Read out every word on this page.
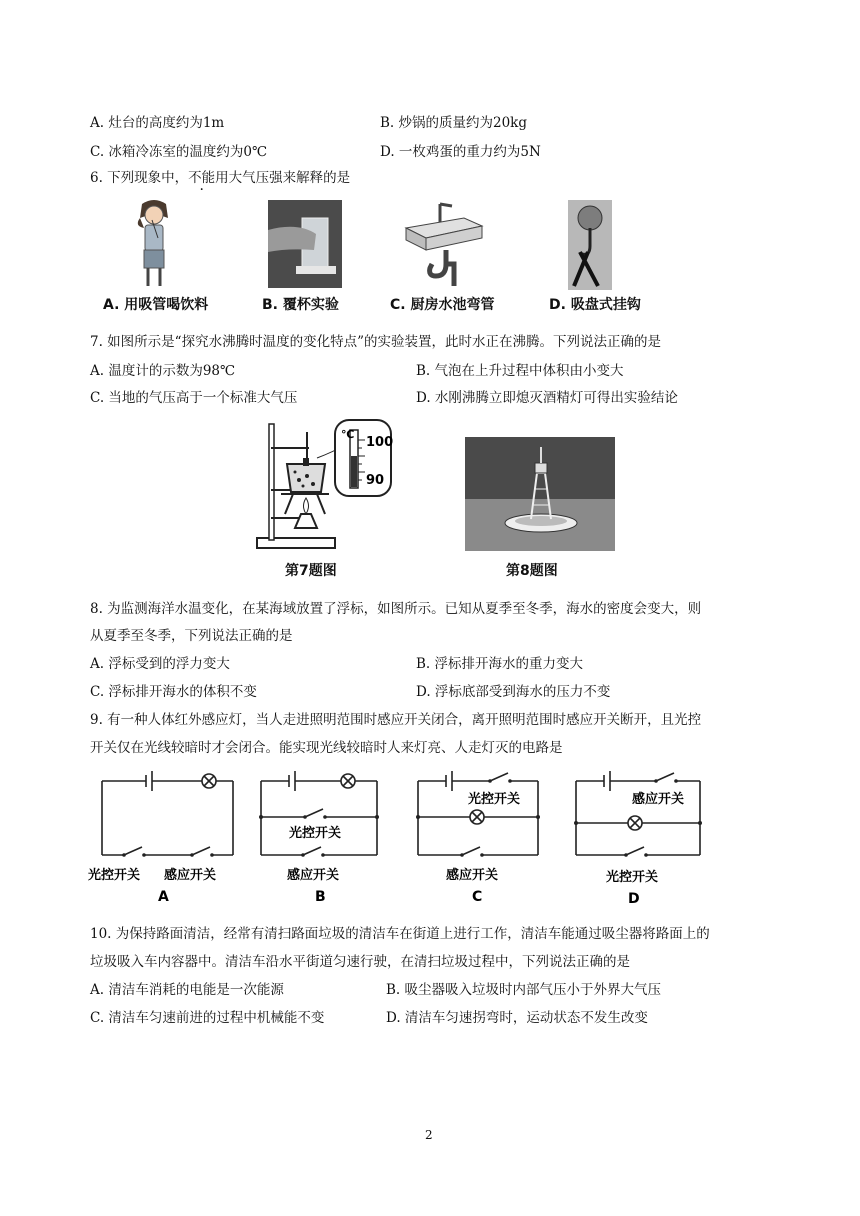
A. 灶台的高度约为1m	B. 炒锅的质量约为20kg
C. 冰箱冷冻室的温度约为0℃	D. 一枚鸡蛋的重力约为5N
6. 下列现象中，不能用大气压强来解释的是
A. 用吸管喝饮料	B. 覆杯实验	C. 厨房水池弯管	D. 吸盘式挂钩
7. 如图所示是“探究水沸腾时温度的变化特点”的实验装置，此时水正在沸腾。下列说法正确的是
A. 温度计的示数为98℃	B. 气泡在上升过程中体积由小变大
C. 当地的气压高于一个标准大气压	D. 水刚沸腾立即熄灭酒精灯可得出实验结论
℃
100
90
第7题图	第8题图
8. 为监测海洋水温变化，在某海域放置了浮标，如图所示。已知从夏季至冬季，海水的密度会变大，则
从夏季至冬季，下列说法正确的是
A. 浮标受到的浮力变大	B. 浮标排开海水的重力变大
C. 浮标排开海水的体积不变	D. 浮标底部受到海水的压力不变
9. 有一种人体红外感应灯，当人走进照明范围时感应开关闭合，离开照明范围时感应开关断开，且光控
开关仅在光线较暗时才会闭合。能实现光线较暗时人来灯亮、人走灯灭的电路是
光控开关 感应开关
A
光控开关
感应开关
B
光控开关
感应开关
C
感应开关
光控开关
D
10. 为保持路面清洁，经常有清扫路面垃圾的清洁车在街道上进行工作，清洁车能通过吸尘器将路面上的
垃圾吸入车内容器中。清洁车沿水平街道匀速行驶，在清扫垃圾过程中，下列说法正确的是
A. 清洁车消耗的电能是一次能源	B. 吸尘器吸入垃圾时内部气压小于外界大气压
C. 清洁车匀速前进的过程中机械能不变	D. 清洁车匀速拐弯时，运动状态不发生改变
2
